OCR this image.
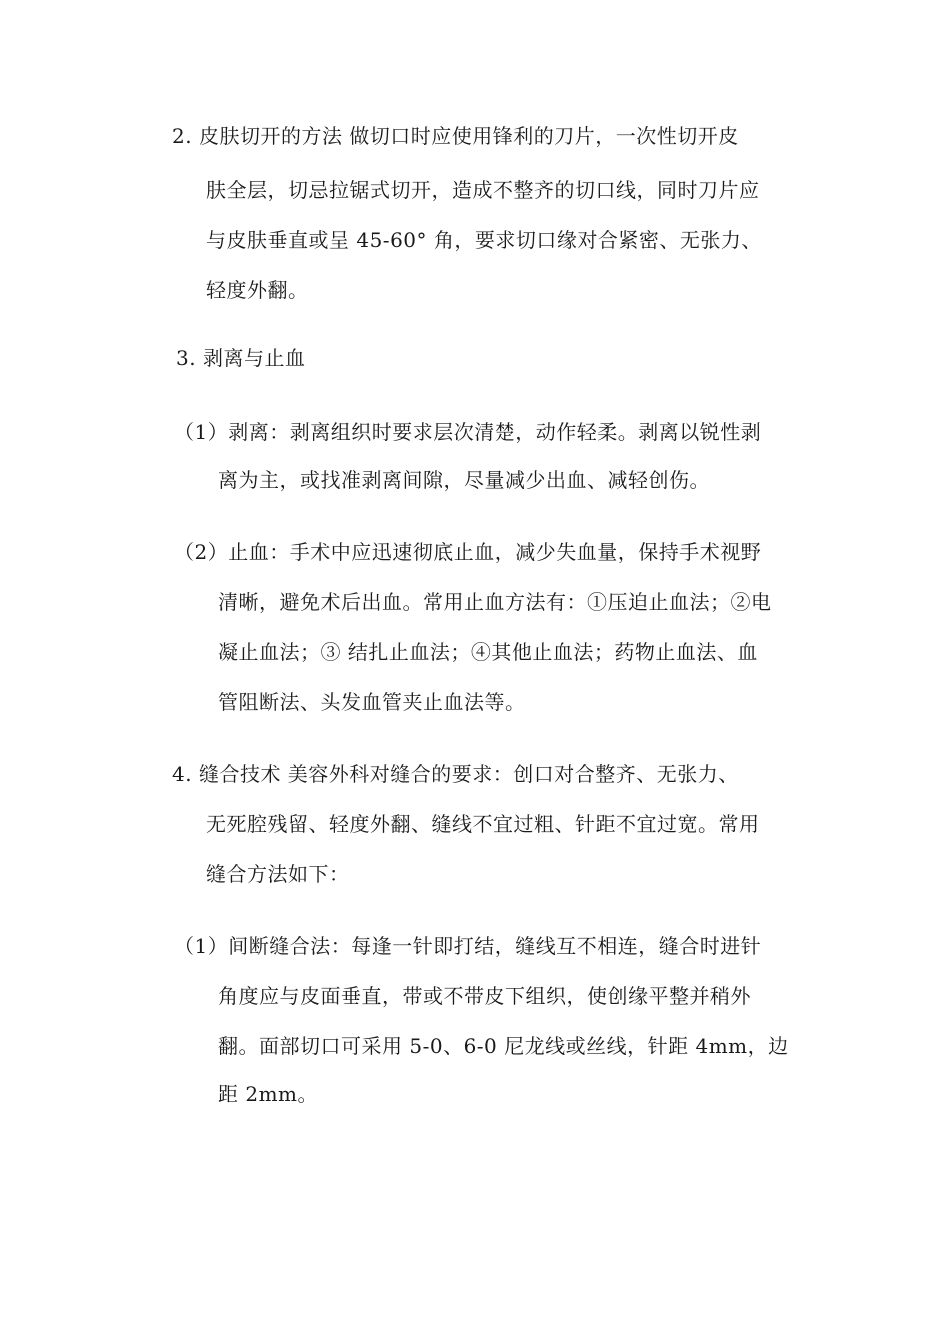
2. 皮肤切开的方法 做切口时应使用锋利的刀片，一次性切开皮
肤全层，切忌拉锯式切开，造成不整齐的切口线，同时刀片应
与皮肤垂直或呈 45-60° 角，要求切口缘对合紧密、无张力、
轻度外翻。
3. 剥离与止血
（1）剥离：剥离组织时要求层次清楚，动作轻柔。剥离以锐性剥
离为主，或找准剥离间隙，尽量减少出血、减轻创伤。
（2）止血：手术中应迅速彻底止血，减少失血量，保持手术视野
清晰，避免术后出血。常用止血方法有：①压迫止血法；②电
凝止血法；③ 结扎止血法；④其他止血法；药物止血法、血
管阻断法、头发血管夹止血法等。
4. 缝合技术 美容外科对缝合的要求：创口对合整齐、无张力、
无死腔残留、轻度外翻、缝线不宜过粗、针距不宜过宽。常用
缝合方法如下：
（1）间断缝合法：每逢一针即打结，缝线互不相连，缝合时进针
角度应与皮面垂直，带或不带皮下组织，使创缘平整并稍外
翻。面部切口可采用 5-0、6-0 尼龙线或丝线，针距 4mm，边
距 2mm。
